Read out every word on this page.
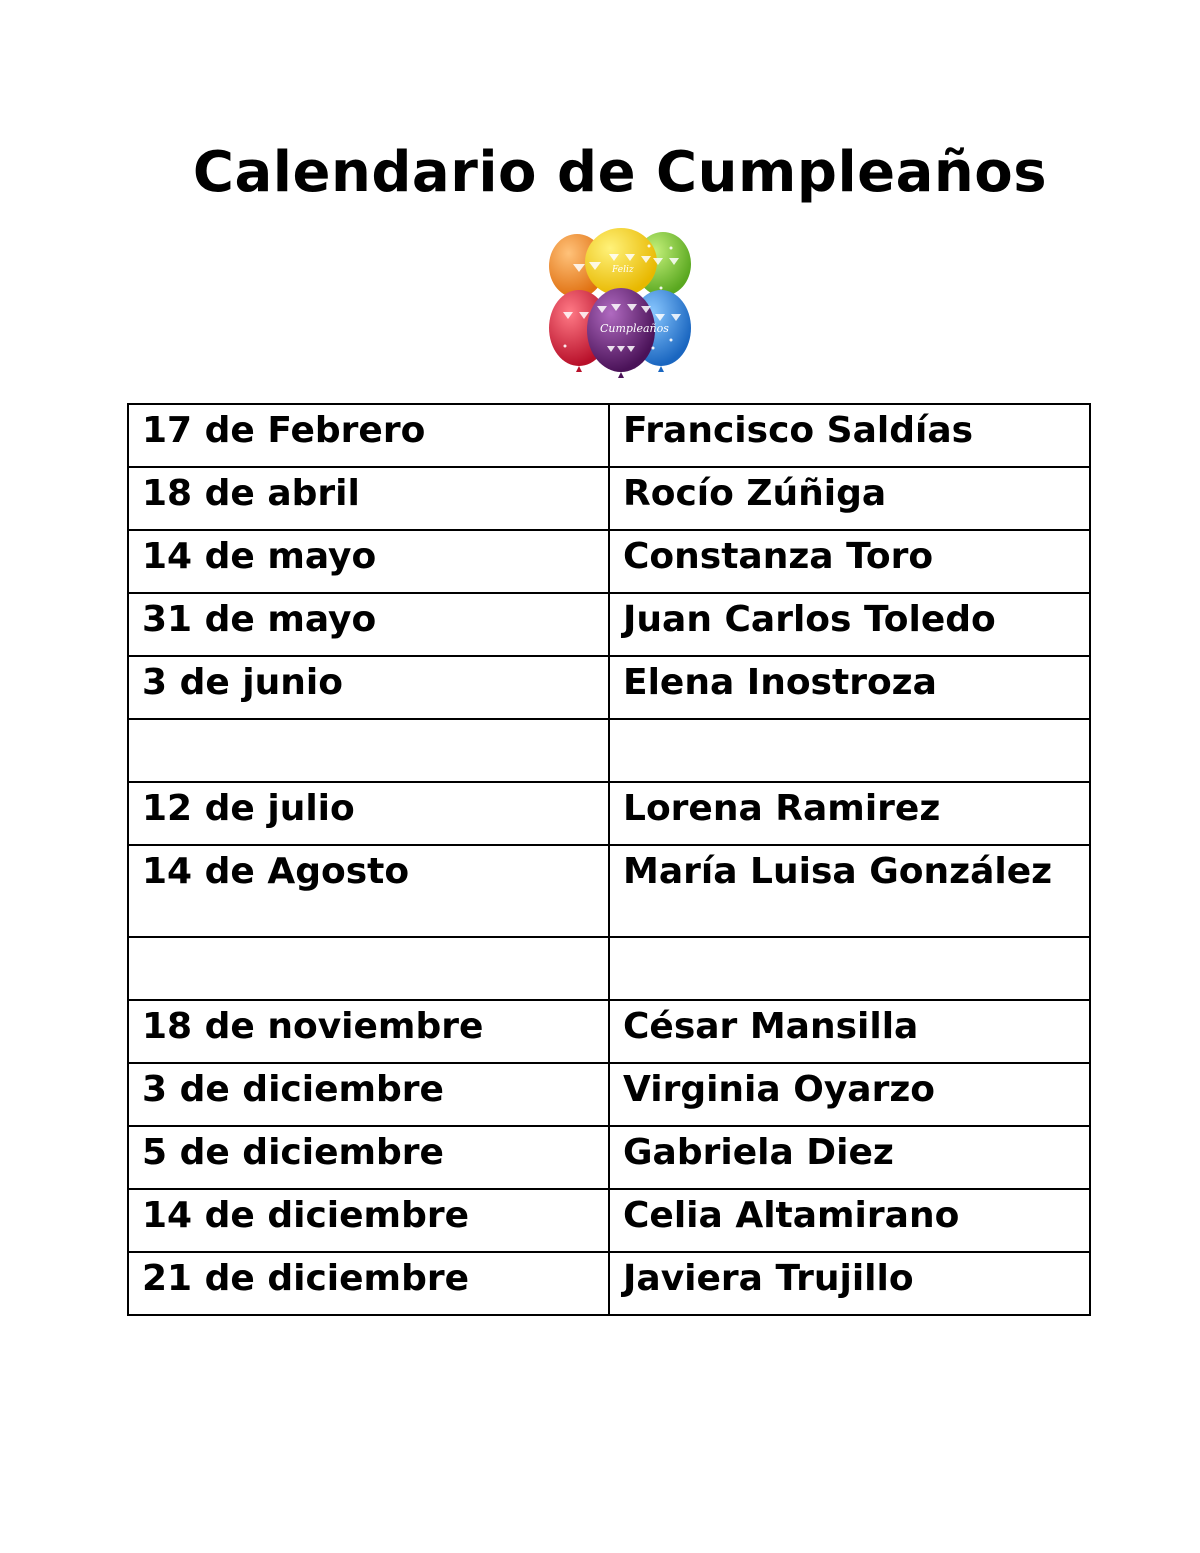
Calendario de Cumpleaños
Feliz
Cumpleaños
17 de Febrero	Francisco Saldías
18 de abril	Rocío Zúñiga
14 de mayo	Constanza Toro
31 de mayo	Juan Carlos Toledo
3 de junio	Elena Inostroza

12 de julio	Lorena Ramirez
14 de Agosto	María Luisa González

18 de noviembre	César Mansilla
3 de diciembre	Virginia Oyarzo
5 de diciembre	Gabriela Diez
14 de diciembre	Celia Altamirano
21 de diciembre	Javiera Trujillo
